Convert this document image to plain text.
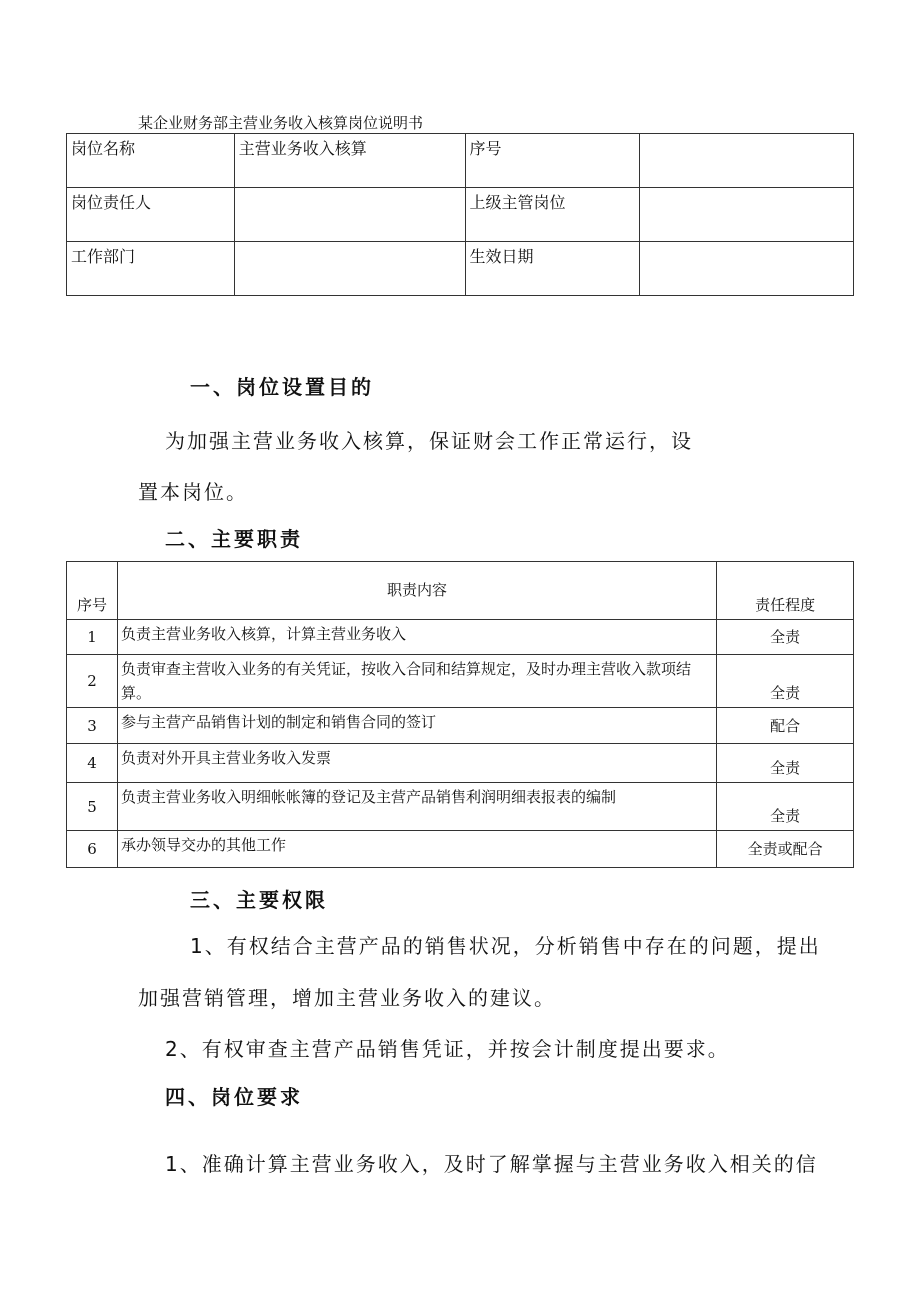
某企业财务部主营业务收入核算岗位说明书
岗位名称	主营业务收入核算	序号	
岗位责任人		上级主管岗位	
工作部门		生效日期	
一、岗位设置目的
为加强主营业务收入核算，保证财会工作正常运行，设
置本岗位。
二、主要职责
序号	职责内容	责任程度
1	负责主营业务收入核算，计算主营业务收入	全责
2	负责审查主营收入业务的有关凭证，按收入合同和结算规定，及时办理主营收入款项结算。	全责
3	参与主营产品销售计划的制定和销售合同的签订	配合
4	负责对外开具主营业务收入发票	全责
5	负责主营业务收入明细帐帐簿的登记及主营产品销售利润明细表报表的编制	全责
6	承办领导交办的其他工作	全责或配合
三、主要权限
1、有权结合主营产品的销售状况，分析销售中存在的问题，提出
加强营销管理，增加主营业务收入的建议。
2、有权审查主营产品销售凭证，并按会计制度提出要求。
四、岗位要求
1、准确计算主营业务收入，及时了解掌握与主营业务收入相关的信
